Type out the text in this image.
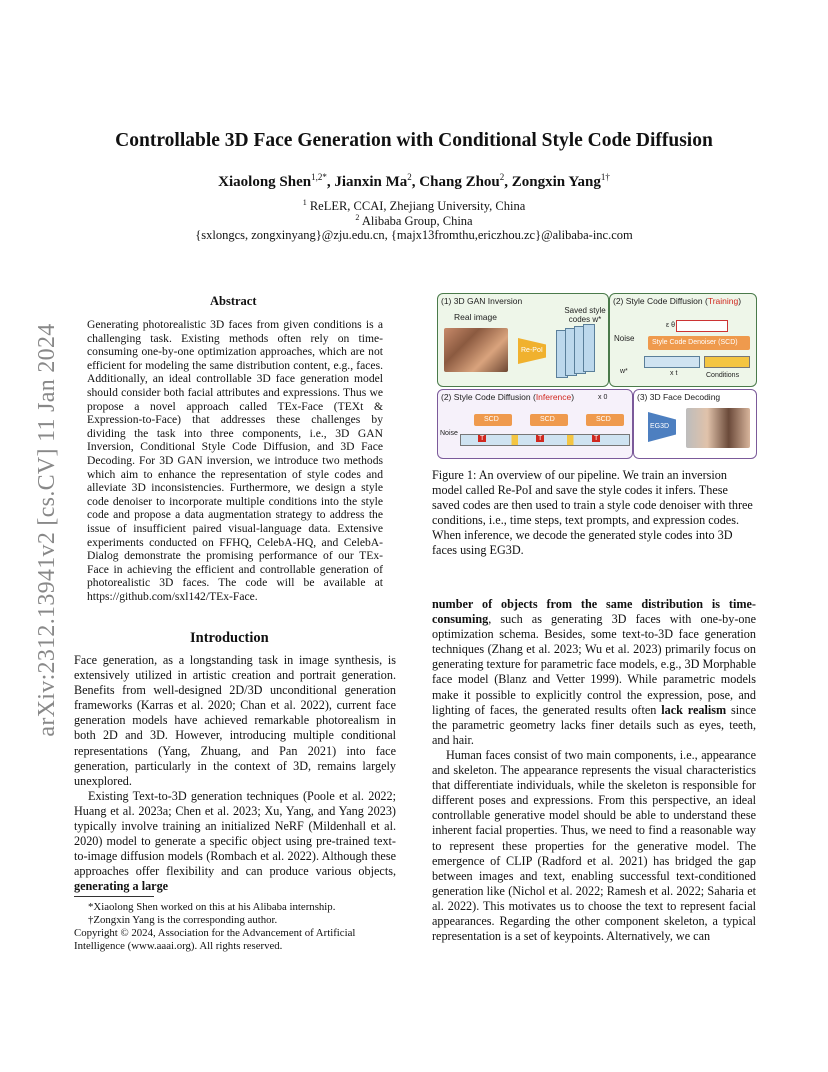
arXiv:2312.13941v2 [cs.CV] 11 Jan 2024
Controllable 3D Face Generation with Conditional Style Code Diffusion
Xiaolong Shen$^{1,2*}$, Jianxin Ma$^2$, Chang Zhou$^2$, Zongxin Yang$^{1\dagger}$
$^1$ ReLER, CCAI, Zhejiang University, China
$^2$ Alibaba Group, China
{sxlongcs, zongxinyang}@zju.edu.cn, {majx13fromthu,ericzhou.zc}@alibaba-inc.com
Abstract
Generating photorealistic 3D faces from given conditions is a challenging task. Existing methods often rely on time-consuming one-by-one optimization approaches, which are not efficient for modeling the same distribution content, e.g., faces. Additionally, an ideal controllable 3D face generation model should consider both facial attributes and expressions. Thus we propose a novel approach called TEx-Face (TEXt & Expression-to-Face) that addresses these challenges by dividing the task into three components, i.e., 3D GAN Inversion, Conditional Style Code Diffusion, and 3D Face Decoding. For 3D GAN inversion, we introduce two methods which aim to enhance the representation of style codes and alleviate 3D inconsistencies. Furthermore, we design a style code denoiser to incorporate multiple conditions into the style code and propose a data augmentation strategy to address the issue of insufficient paired visual-language data. Extensive experiments conducted on FFHQ, CelebA-HQ, and CelebA-Dialog demonstrate the promising performance of our TEx-Face in achieving the efficient and controllable generation of photorealistic 3D faces. The code will be available at https://github.com/sxl142/TEx-Face.
Introduction

Face generation, as a longstanding task in image synthesis, is extensively utilized in artistic creation and portrait generation. Benefits from well-designed 2D/3D unconditional generation frameworks (Karras et al. 2020; Chan et al. 2022), current face generation models have achieved remarkable photorealism in both 2D and 3D. However, introducing multiple conditional representations (Yang, Zhuang, and Pan 2021) into face generation, particularly in the context of 3D, remains largely unexplored.

Existing Text-to-3D generation techniques (Poole et al. 2022; Huang et al. 2023a; Chen et al. 2023; Xu, Yang, and Yang 2023) typically involve training an initialized NeRF (Mildenhall et al. 2020) model to generate a specific object using pre-trained text-to-image diffusion models (Rombach et al. 2022). Although these approaches offer flexibility and can produce various objects, generating a large

*Xiaolong Shen worked on this at his Alibaba internship.
†Zongxin Yang is the corresponding author.
Copyright © 2024, Association for the Advancement of Artificial Intelligence (www.aaai.org). All rights reserved.
(1) 3D GAN Inversion
Real image
Saved style codes w*
Re-PoI
(2) Style Code Diffusion (Training)
Noise
ε θ
Style Code Denoiser (SCD)
w*	x t	Conditions
(2) Style Code Diffusion (Inference)	x 0
Noise
SCD	SCD	SCD
T	T	T
(3) 3D Face Decoding
EG3D
Figure 1: An overview of our pipeline. We train an inversion model called Re-PoI and save the style codes it infers. These saved codes are then used to train a style code denoiser with three conditions, i.e., time steps, text prompts, and expression codes. When inference, we decode the generated style codes into 3D faces using EG3D.

number of objects from the same distribution is time-consuming, such as generating 3D faces with one-by-one optimization schema. Besides, some text-to-3D face generation techniques (Zhang et al. 2023; Wu et al. 2023) primarily focus on generating texture for parametric face models, e.g., 3D Morphable face model (Blanz and Vetter 1999). While parametric models make it possible to explicitly control the expression, pose, and lighting of faces, the generated results often lack realism since the parametric geometry lacks finer details such as eyes, teeth, and hair.

Human faces consist of two main components, i.e., appearance and skeleton. The appearance represents the visual characteristics that differentiate individuals, while the skeleton is responsible for different poses and expressions. From this perspective, an ideal controllable generative model should be able to understand these inherent facial properties. Thus, we need to find a reasonable way to represent these properties for the generative model. The emergence of CLIP (Radford et al. 2021) has bridged the gap between images and text, enabling successful text-conditioned generation like (Nichol et al. 2022; Ramesh et al. 2022; Saharia et al. 2022). This motivates us to choose the text to represent facial appearances. Regarding the other component skeleton, a typical representation is a set of keypoints. Alternatively, we can
